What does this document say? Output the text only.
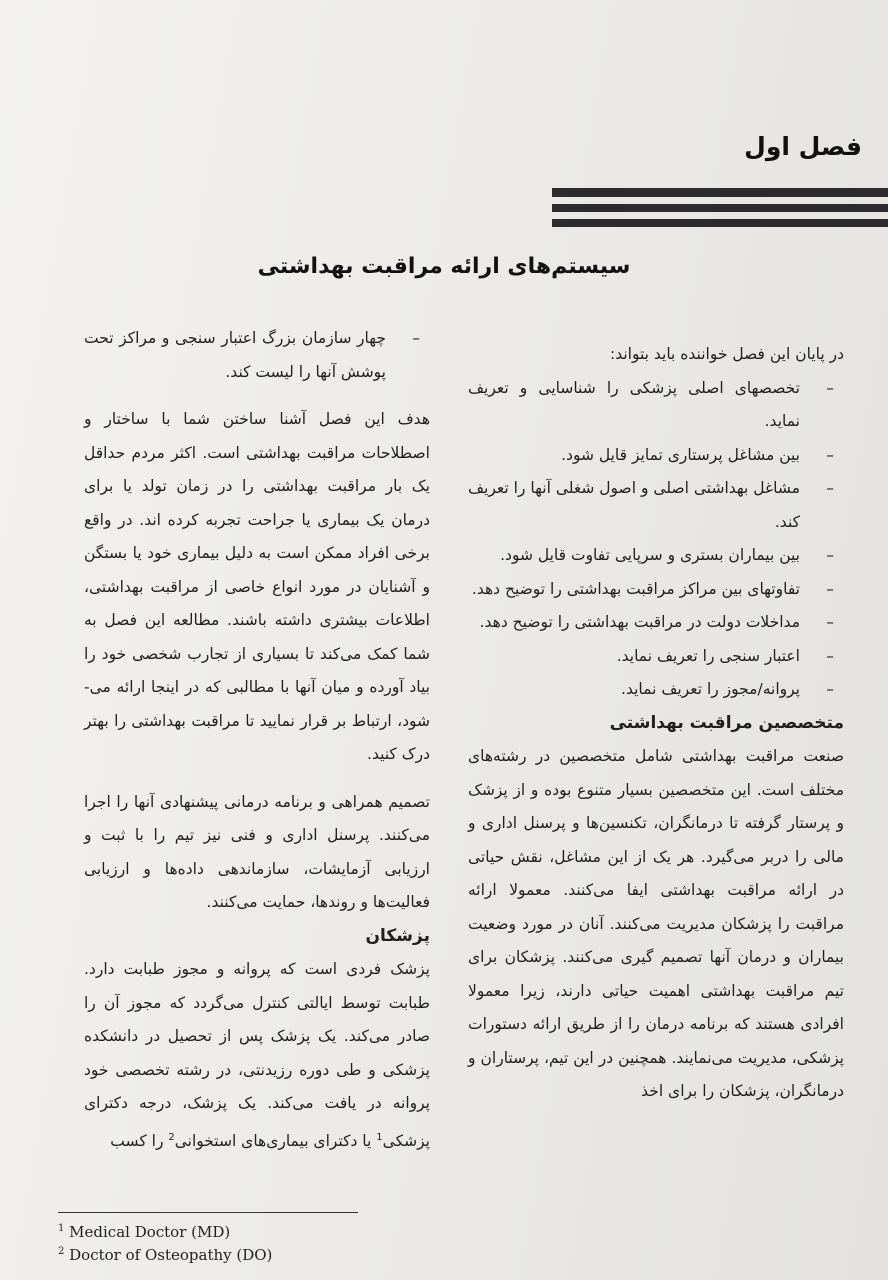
فصل اول
سیستم‌های ارائه مراقبت بهداشتی

در پایان این فصل خواننده باید بتواند:

–
تخصصهای اصلی پزشکی را شناسایی و تعریف نماید.
–
بین مشاغل پرستاری تمایز قایل شود.
–
مشاغل بهداشتی اصلی و اصول شغلی آنها را تعریف کند.
–
بین بیماران بستری و سرپایی تفاوت قایل شود.
–
تفاوتهای بین مراکز مراقبت بهداشتی را توضیح دهد.
–
مداخلات دولت در مراقبت بهداشتی را توضیح دهد.
–
اعتبار سنجی را تعریف نماید.
–
پروانه/مجوز را تعریف نماید.

متخصصین مراقبت بهداشتی

صنعت مراقبت بهداشتی شامل متخصصین در رشته‌های مختلف است. این متخصصین بسیار متنوع بوده و از پزشک و پرستار گرفته تا درمانگران، تکنسین‌ها و پرسنل اداری و مالی را دربر می‌گیرد. هر یک از این مشاغل، نقش حیاتی در ارائه مراقبت بهداشتی ایفا می‌کنند. معمولا ارائه مراقبت را پزشکان مدیریت می‌کنند. آنان در مورد وضعیت بیماران و درمان آنها تصمیم گیری می‌کنند. پزشکان برای تیم مراقبت بهداشتی اهمیت حیاتی دارند، زیرا معمولا افرادی هستند که برنامه درمان را از طریق ارائه دستورات پزشکی، مدیریت می‌نمایند. همچنین در این تیم، پرستاران و درمانگران، پزشکان را برای اخذ

–
چهار سازمان بزرگ اعتبار سنجی و مراکز تحت پوشش آنها را لیست کند.

هدف این فصل آشنا ساختن شما با ساختار و اصطلاحات مراقبت بهداشتی است. اکثر مردم حداقل یک بار مراقبت بهداشتی را در زمان تولد یا برای درمان یک بیماری یا جراحت تجربه کرده اند. در واقع برخی افراد ممکن است به دلیل بیماری خود یا بستگن و آشنایان در مورد انواع خاصی از مراقبت بهداشتی، اطلاعات بیشتری داشته باشند. مطالعه این فصل به شما کمک می‌کند تا بسیاری از تجارب شخصی خود را بیاد آورده و میان آنها با مطالبی که در اینجا ارائه می-شود، ارتباط بر قرار نمایید تا مراقبت بهداشتی را بهتر درک کنید.

تصمیم همراهی و برنامه درمانی پیشنهادی آنها را اجرا می‌کنند. پرسنل اداری و فنی نیز تیم را با ثبت و ارزیابی آزمایشات، سازماندهی داده‌ها و ارزیابی فعالیت‌ها و روندها، حمایت می‌کنند.

پزشکان

پزشک فردی است که پروانه و مجوز طبابت دارد. طبابت توسط ایالتی کنترل می‌گردد که مجوز آن را صادر می‌کند. یک پزشک پس از تحصیل در دانشکده پزشکی و طی دوره رزیدنتی، در رشته تخصصی خود پروانه در یافت می‌کند. یک پزشک، درجه دکترای پزشکی$^1$ یا دکترای بیماری‌های استخوانی$^2$ را کسب

$^1$ Medical Doctor (MD)
$^2$ Doctor of Osteopathy (DO)
